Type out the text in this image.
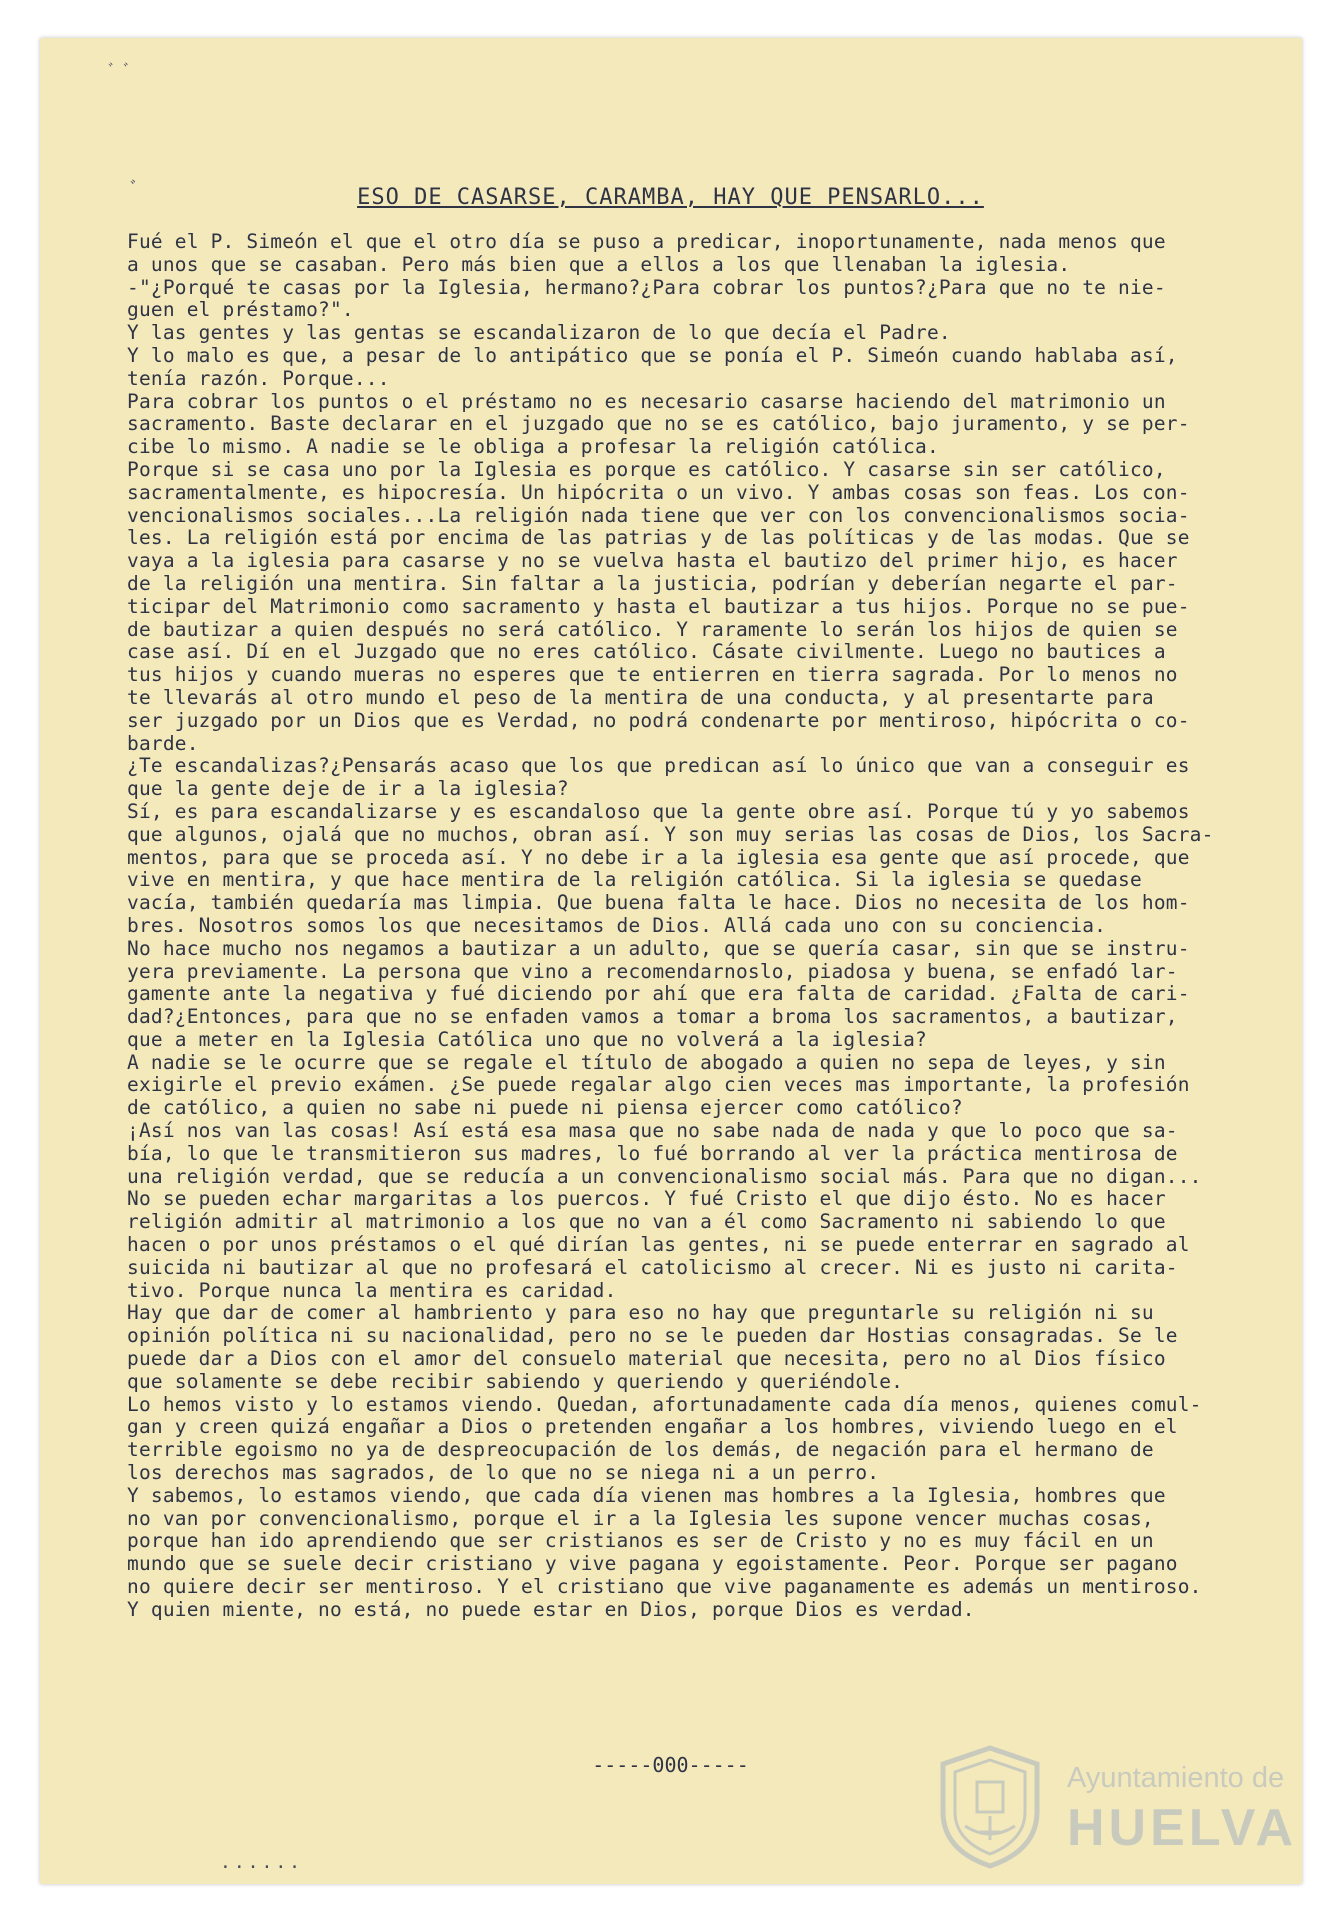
ﾞ ﾞ
ﾞ	ESO DE CASARSE, CARAMBA, HAY QUE PENSARLO...
Fué el P. Simeón el que el otro día se puso a predicar, inoportunamente, nada menos que
a unos que se casaban. Pero más bien que a ellos a los que llenaban la iglesia.
-"¿Porqué te casas por la Iglesia, hermano?¿Para cobrar los puntos?¿Para que no te nie-
guen el préstamo?".
Y las gentes y las gentas se escandalizaron de lo que decía el Padre.
Y lo malo es que, a pesar de lo antipático que se ponía el P. Simeón cuando hablaba así,
tenía razón. Porque...
Para cobrar los puntos o el préstamo no es necesario casarse haciendo del matrimonio un
sacramento. Baste declarar en el juzgado que no se es católico, bajo juramento, y se per-
cibe lo mismo. A nadie se le obliga a profesar la religión católica.
Porque si se casa uno por la Iglesia es porque es católico. Y casarse sin ser católico,
sacramentalmente, es hipocresía. Un hipócrita o un vivo. Y ambas cosas son feas. Los con-
vencionalismos sociales...La religión nada tiene que ver con los convencionalismos socia-
les. La religión está por encima de las patrias y de las políticas y de las modas. Que se
vaya a la iglesia para casarse y no se vuelva hasta el bautizo del primer hijo, es hacer
de la religión una mentira. Sin faltar a la justicia, podrían y deberían negarte el par-
ticipar del Matrimonio como sacramento y hasta el bautizar a tus hijos. Porque no se pue-
de bautizar a quien después no será católico. Y raramente lo serán los hijos de quien se
case así. Dí en el Juzgado que no eres católico. Cásate civilmente. Luego no bautices a
tus hijos y cuando mueras no esperes que te entierren en tierra sagrada. Por lo menos no
te llevarás al otro mundo el peso de la mentira de una conducta, y al presentarte para
ser juzgado por un Dios que es Verdad, no podrá condenarte por mentiroso, hipócrita o co-
barde.
¿Te escandalizas?¿Pensarás acaso que los que predican así lo único que van a conseguir es
que la gente deje de ir a la iglesia?
Sí, es para escandalizarse y es escandaloso que la gente obre así. Porque tú y yo sabemos
que algunos, ojalá que no muchos, obran así. Y son muy serias las cosas de Dios, los Sacra-
mentos, para que se proceda así. Y no debe ir a la iglesia esa gente que así procede, que
vive en mentira, y que hace mentira de la religión católica. Si la iglesia se quedase
vacía, también quedaría mas limpia. Que buena falta le hace. Dios no necesita de los hom-
bres. Nosotros somos los que necesitamos de Dios. Allá cada uno con su conciencia.
No hace mucho nos negamos a bautizar a un adulto, que se quería casar, sin que se instru-
yera previamente. La persona que vino a recomendarnoslo, piadosa y buena, se enfadó lar-
gamente ante la negativa y fué diciendo por ahí que era falta de caridad. ¿Falta de cari-
dad?¿Entonces, para que no se enfaden vamos a tomar a broma los sacramentos, a bautizar,
que a meter en la Iglesia Católica uno que no volverá a la iglesia?
A nadie se le ocurre que se regale el título de abogado a quien no sepa de leyes, y sin
exigirle el previo exámen. ¿Se puede regalar algo cien veces mas importante, la profesión
de católico, a quien no sabe ni puede ni piensa ejercer como católico?
¡Así nos van las cosas! Así está esa masa que no sabe nada de nada y que lo poco que sa-
bía, lo que le transmitieron sus madres, lo fué borrando al ver la práctica mentirosa de
una religión verdad, que se reducía a un convencionalismo social más. Para que no digan...
No se pueden echar margaritas a los puercos. Y fué Cristo el que dijo ésto. No es hacer
religión admitir al matrimonio a los que no van a él como Sacramento ni sabiendo lo que
hacen o por unos préstamos o el qué dirían las gentes, ni se puede enterrar en sagrado al
suicida ni bautizar al que no profesará el catolicismo al crecer. Ni es justo ni carita-
tivo. Porque nunca la mentira es caridad.
Hay que dar de comer al hambriento y para eso no hay que preguntarle su religión ni su
opinión política ni su nacionalidad, pero no se le pueden dar Hostias consagradas. Se le
puede dar a Dios con el amor del consuelo material que necesita, pero no al Dios físico
que solamente se debe recibir sabiendo y queriendo y queriéndole.
Lo hemos visto y lo estamos viendo. Quedan, afortunadamente cada día menos, quienes comul-
gan y creen quizá engañar a Dios o pretenden engañar a los hombres, viviendo luego en el
terrible egoismo no ya de despreocupación de los demás, de negación para el hermano de
los derechos mas sagrados, de lo que no se niega ni a un perro.
Y sabemos, lo estamos viendo, que cada día vienen mas hombres a la Iglesia, hombres que
no van por convencionalismo, porque el ir a la Iglesia les supone vencer muchas cosas,
porque han ido aprendiendo que ser cristianos es ser de Cristo y no es muy fácil en un
mundo que se suele decir cristiano y vive pagana y egoistamente. Peor. Porque ser pagano
no quiere decir ser mentiroso. Y el cristiano que vive paganamente es además un mentiroso.
Y quien miente, no está, no puede estar en Dios, porque Dios es verdad.
-----000-----
......
Ayuntamiento de
HUELVA
